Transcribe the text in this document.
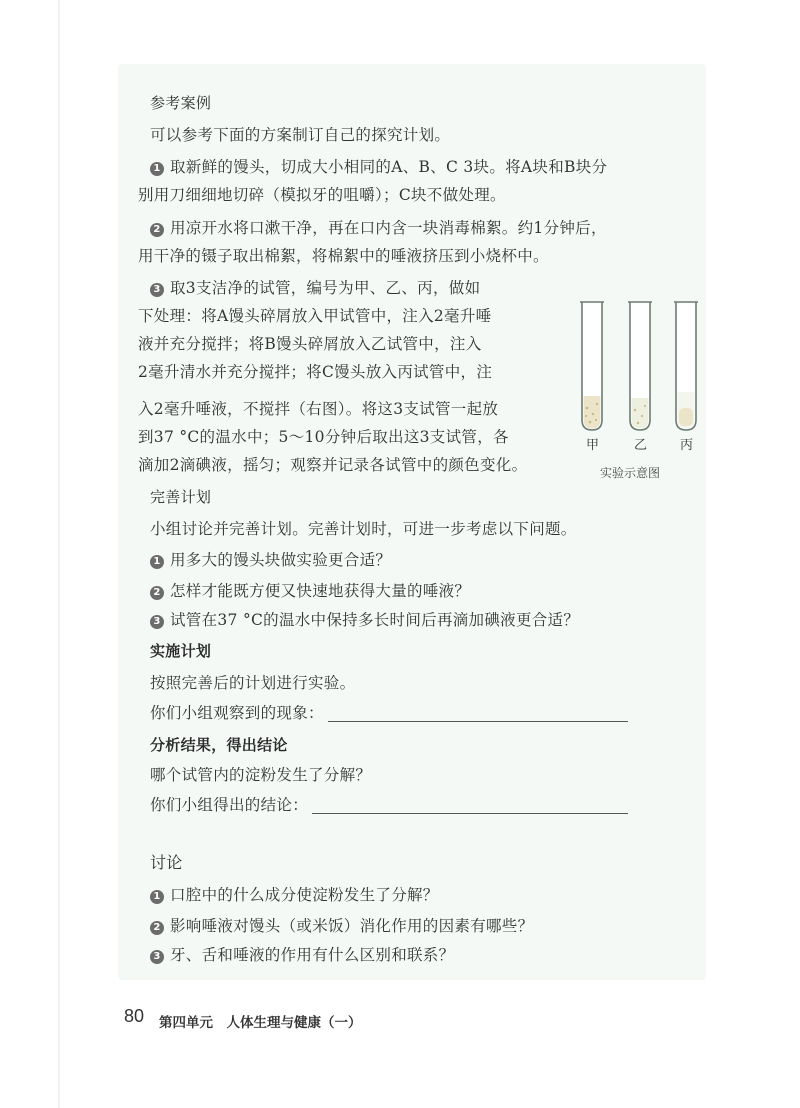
参考案例
可以参考下面的方案制订自己的探究计划。
1 取新鲜的馒头，切成大小相同的A、B、C 3块。将A块和B块分
别用刀细细地切碎（模拟牙的咀嚼）；C块不做处理。
2 用凉开水将口漱干净，再在口内含一块消毒棉絮。约1分钟后，
用干净的镊子取出棉絮，将棉絮中的唾液挤压到小烧杯中。
3 取3支洁净的试管，编号为甲、乙、丙，做如
下处理：将A馒头碎屑放入甲试管中，注入2毫升唾
液并充分搅拌；将B馒头碎屑放入乙试管中，注入
2毫升清水并充分搅拌；将C馒头放入丙试管中，注
入2毫升唾液，不搅拌（右图）。将这3支试管一起放
到37 °C的温水中；5～10分钟后取出这3支试管，各
滴加2滴碘液，摇匀；观察并记录各试管中的颜色变化。
完善计划
小组讨论并完善计划。完善计划时，可进一步考虑以下问题。
1 用多大的馒头块做实验更合适？
2 怎样才能既方便又快速地获得大量的唾液？
3 试管在37 °C的温水中保持多长时间后再滴加碘液更合适？
实施计划
按照完善后的计划进行实验。
你们小组观察到的现象：
分析结果，得出结论
哪个试管内的淀粉发生了分解？
你们小组得出的结论：
讨论
1 口腔中的什么成分使淀粉发生了分解？
2 影响唾液对馒头（或米饭）消化作用的因素有哪些？
3 牙、舌和唾液的作用有什么区别和联系？
甲	乙	丙
实验示意图
80 第四单元　人体生理与健康（一）
